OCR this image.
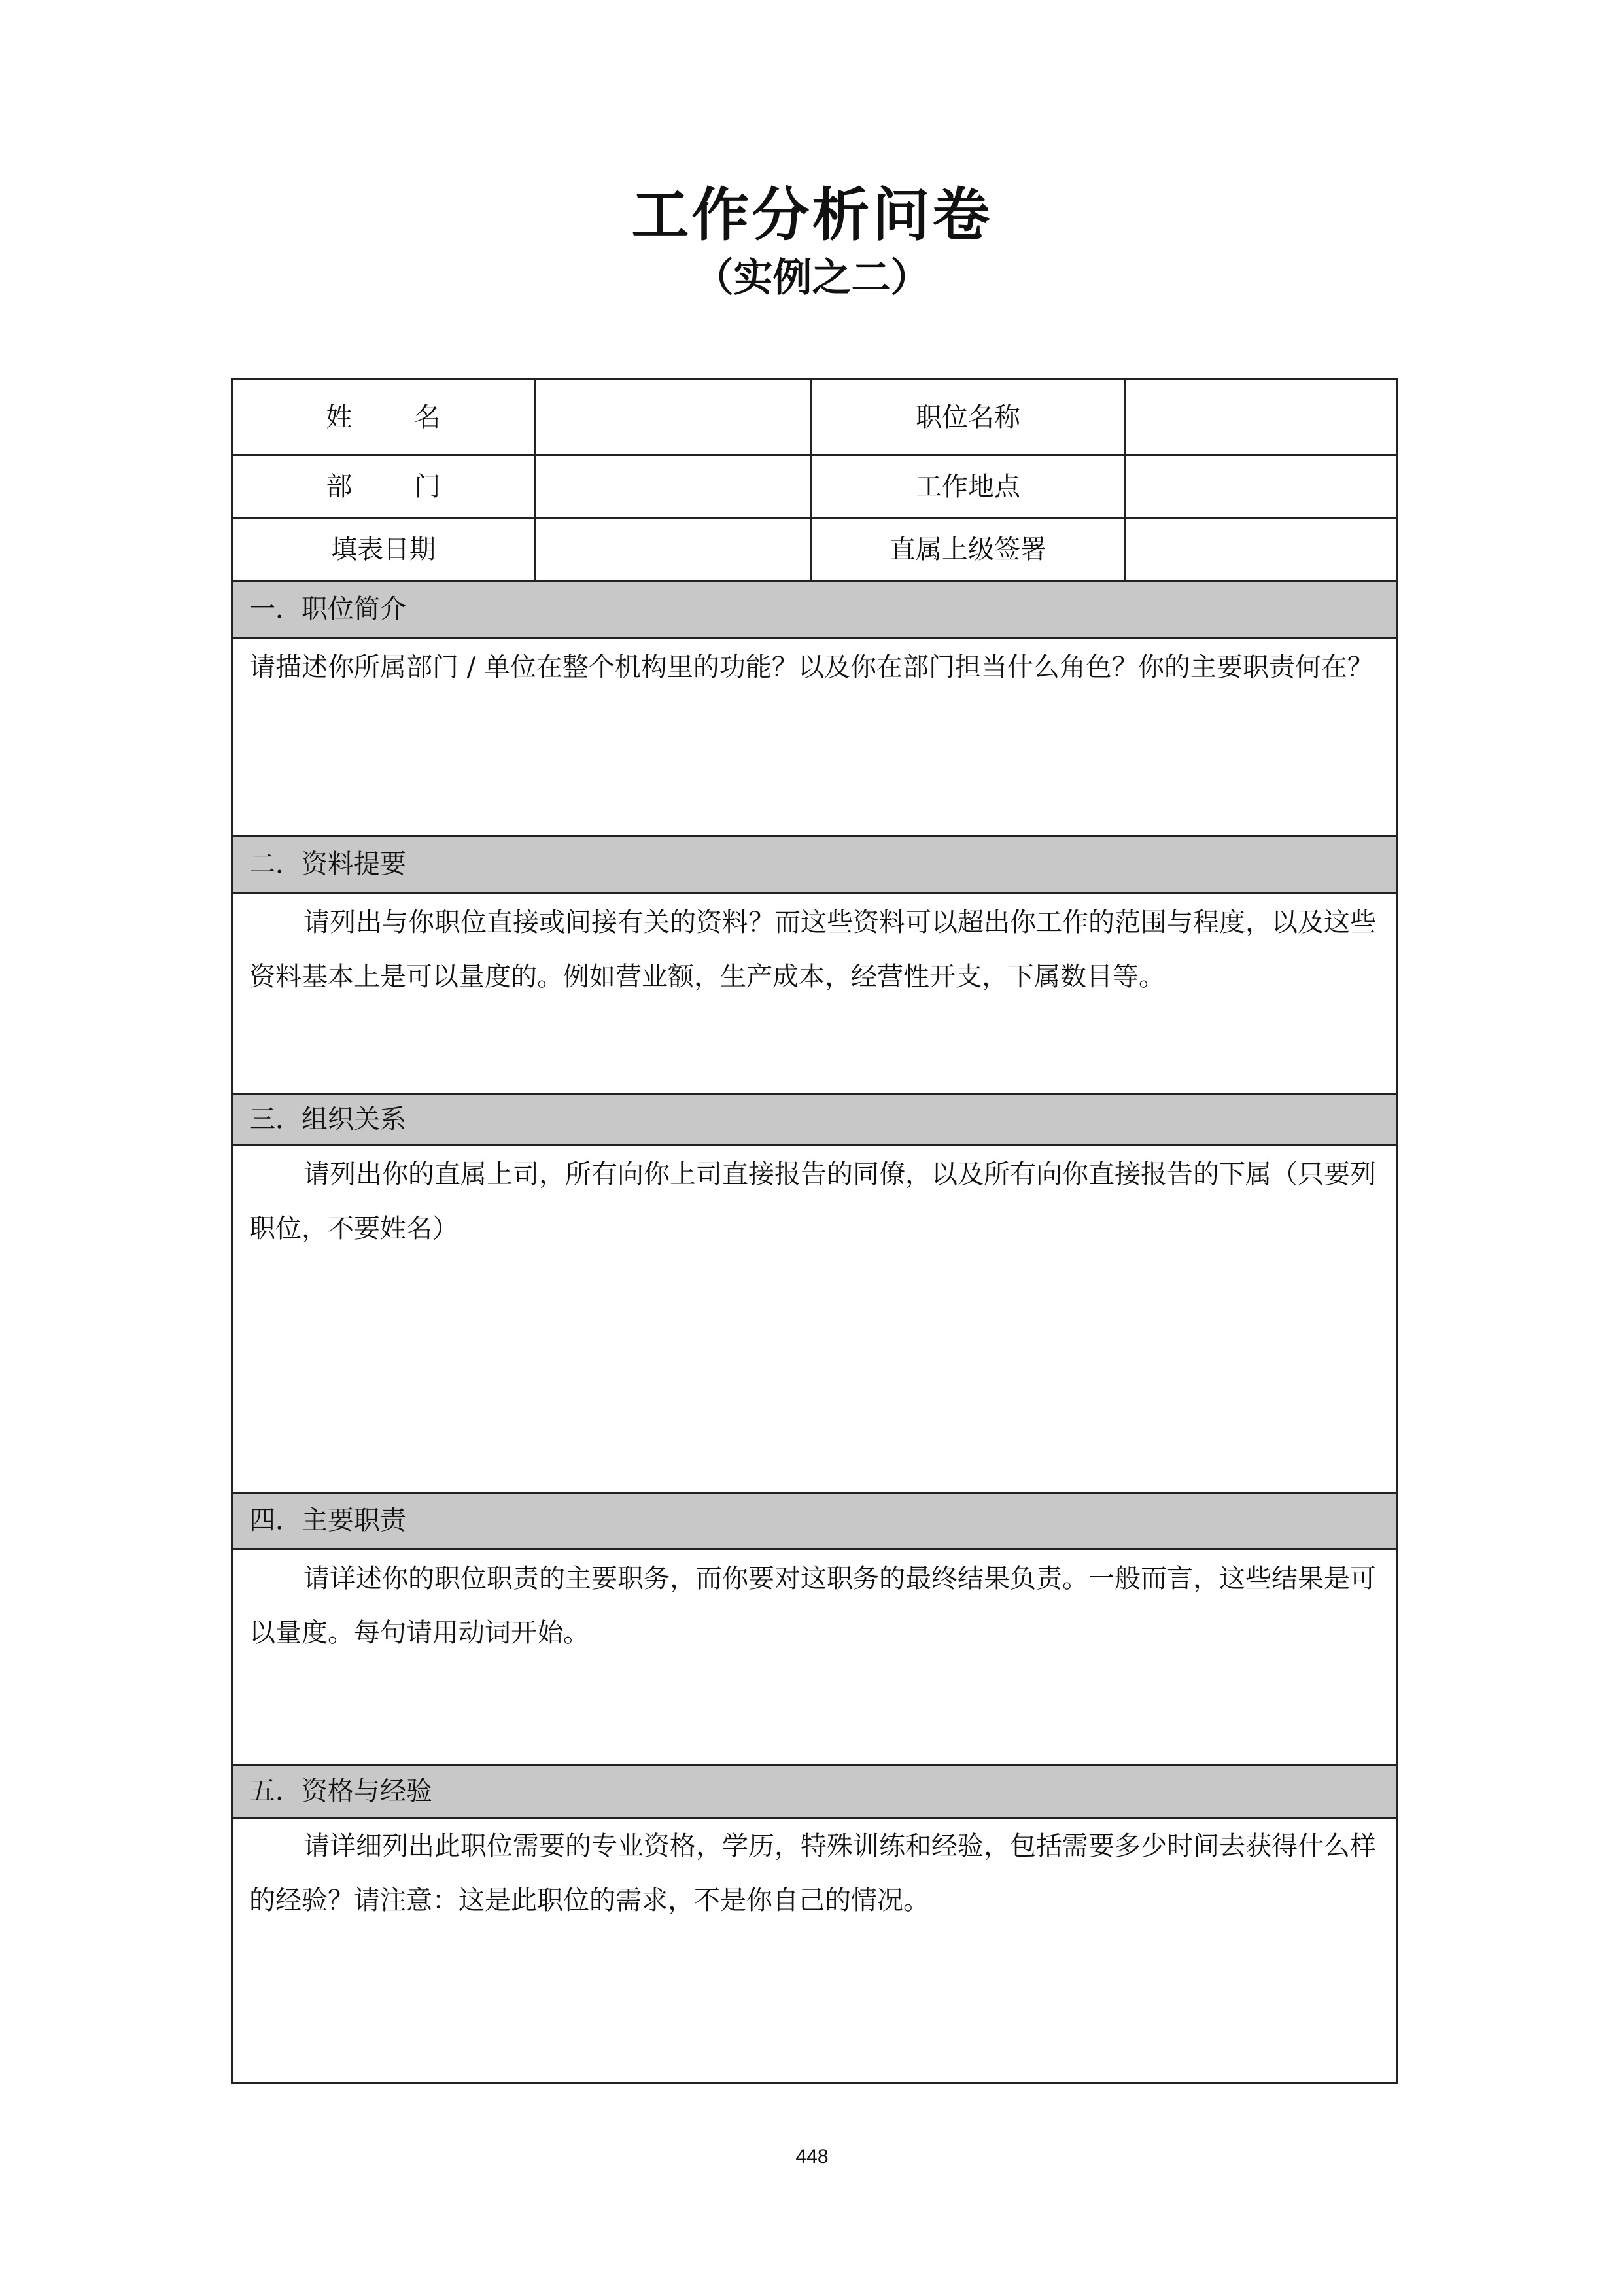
工作分析问卷
（实例之二）
姓 名	职位名称
部 门	工作地点
填表日期	直属上级签署
一．职位简介
请描述你所属部门 / 单位在整个机构里的功能？以及你在部门担当什么角色？你的主要职责何在？
二．资料提要
请列出与你职位直接或间接有关的资料？而这些资料可以超出你工作的范围与程度，以及这些资料基本上是可以量度的。例如营业额，生产成本，经营性开支，下属数目等。
三．组织关系
请列出你的直属上司，所有向你上司直接报告的同僚，以及所有向你直接报告的下属（只要列职位，不要姓名）
四．主要职责
请详述你的职位职责的主要职务，而你要对这职务的最终结果负责。一般而言，这些结果是可以量度。每句请用动词开始。
五．资格与经验
请详细列出此职位需要的专业资格，学历，特殊训练和经验，包括需要多少时间去获得什么样的经验？请注意：这是此职位的需求，不是你自己的情况。
448
